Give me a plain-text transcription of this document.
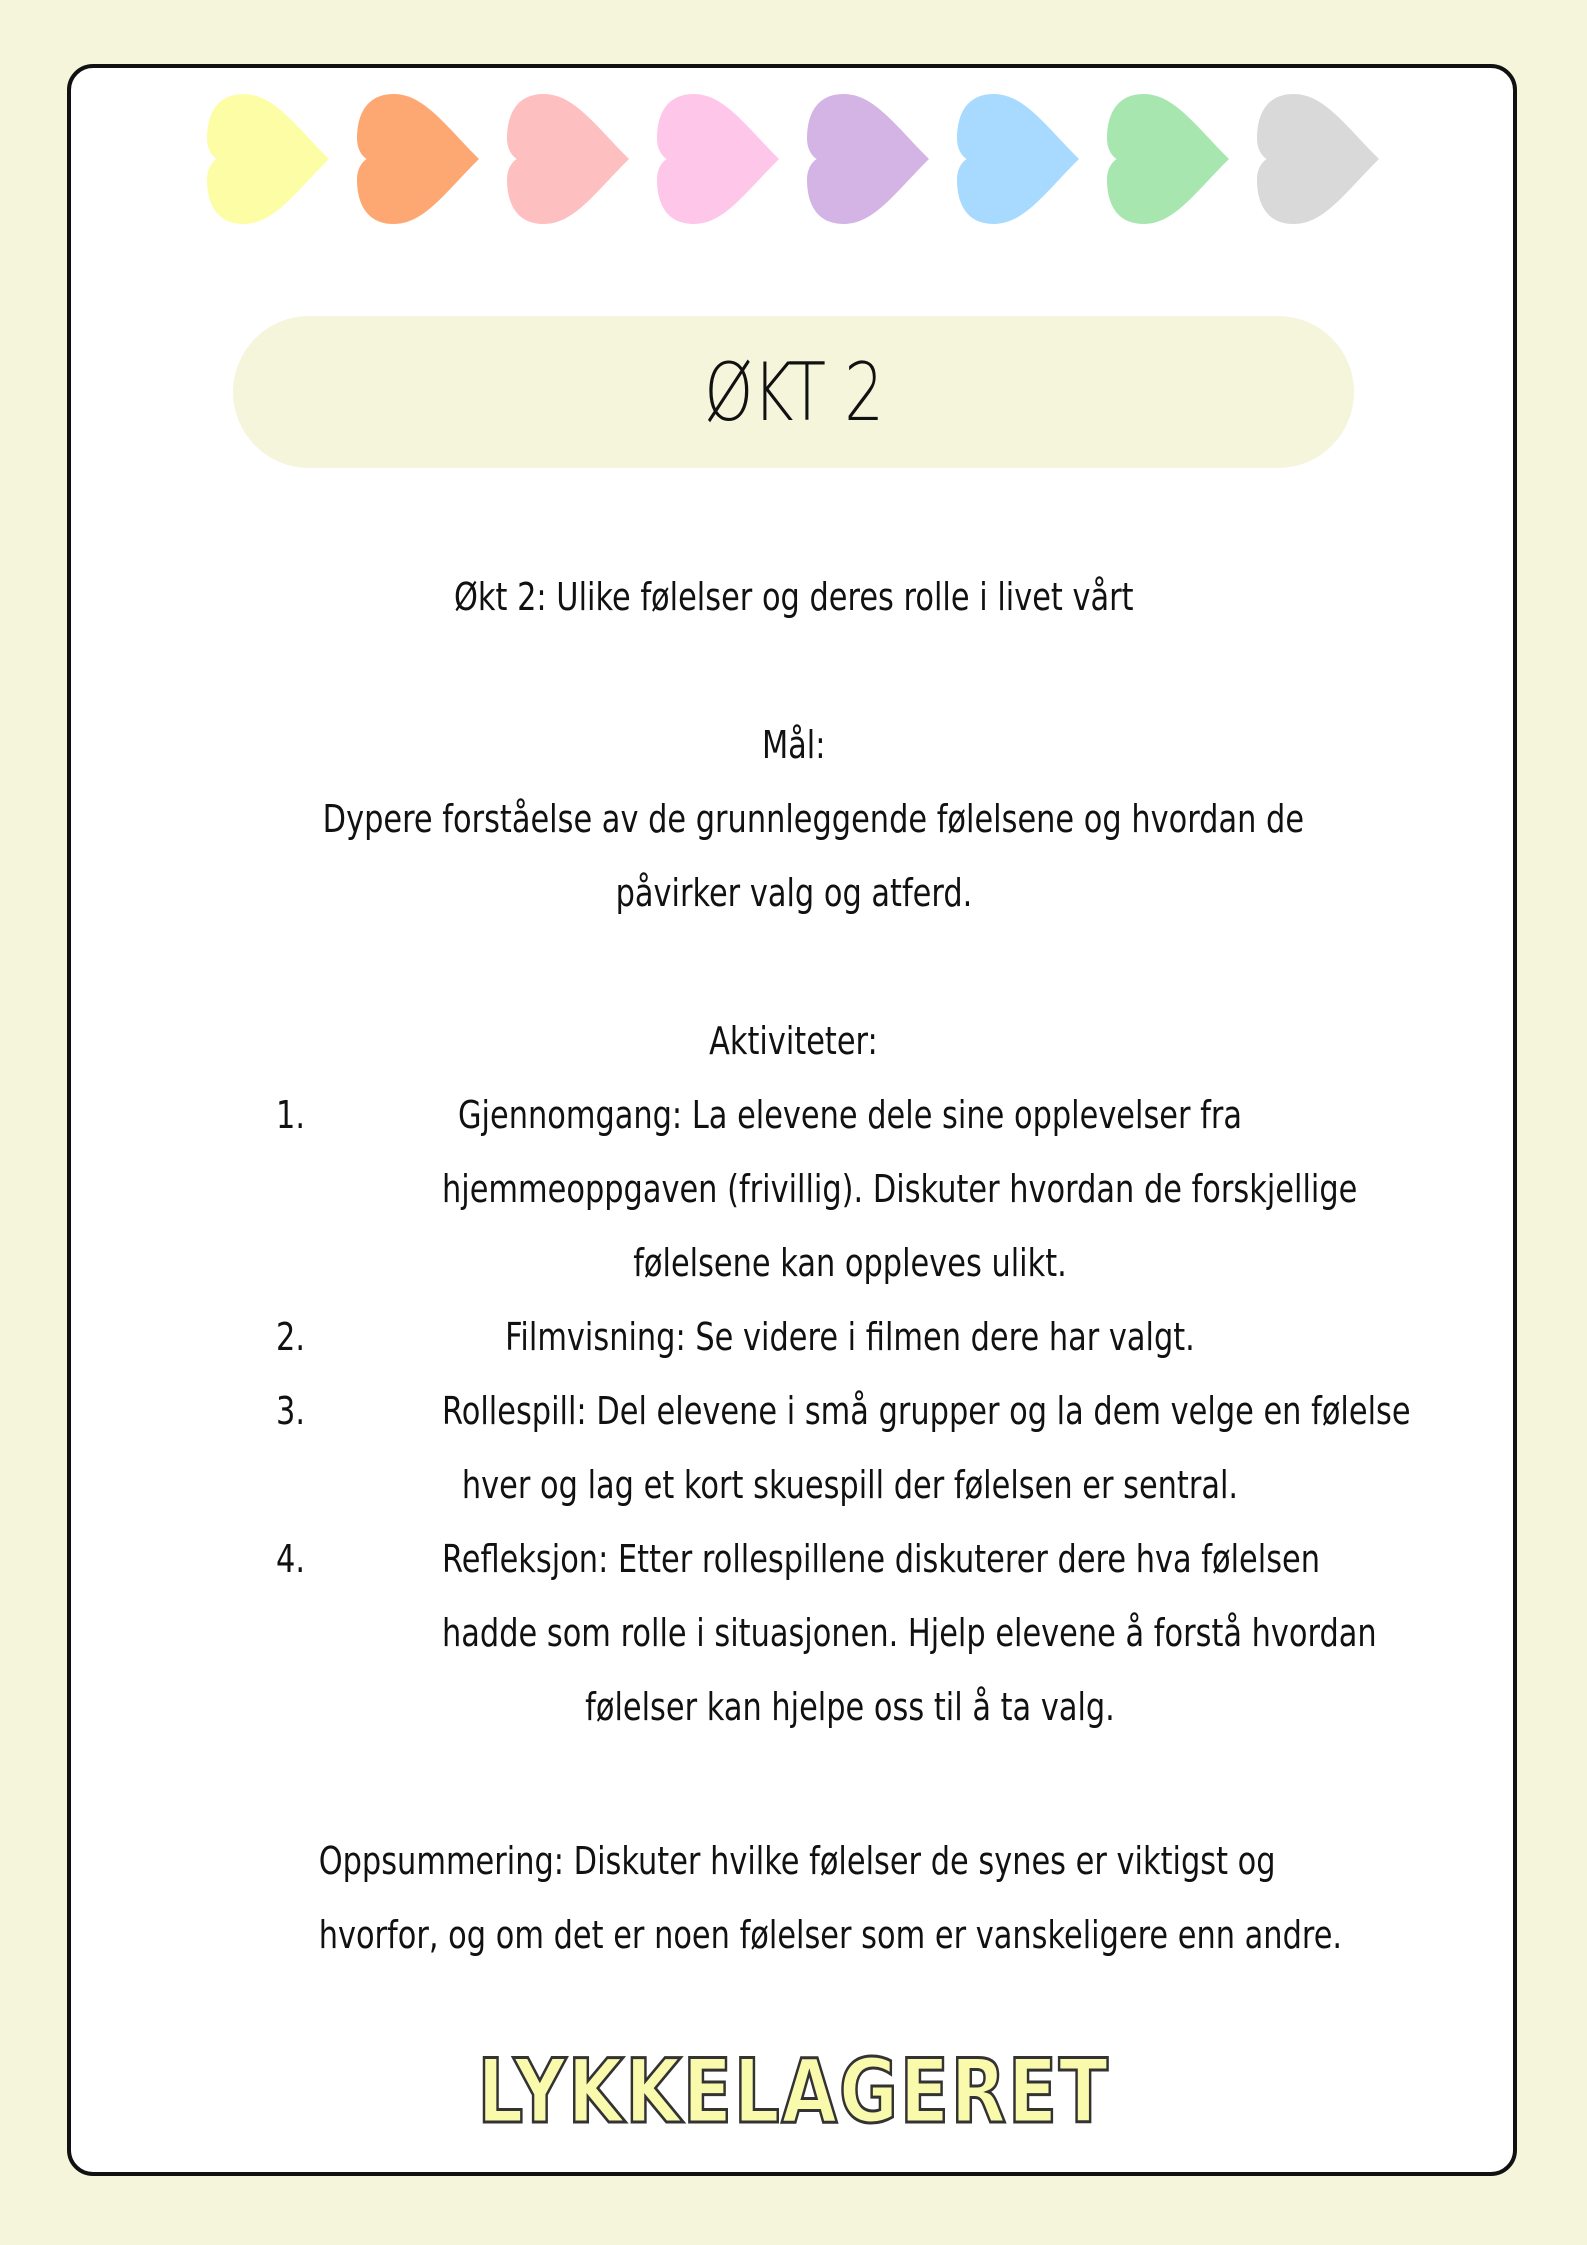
ØKT 2
Økt 2: Ulike følelser og deres rolle i livet vårt
Mål:
Dypere forståelse av de grunnleggende følelsene og hvordan de
påvirker valg og atferd.
Aktiviteter:
1.	Gjennomgang: La elevene dele sine opplevelser fra
hjemmeoppgaven (frivillig). Diskuter hvordan de forskjellige
følelsene kan oppleves ulikt.
2.	Filmvisning: Se videre i filmen dere har valgt.
3.	Rollespill: Del elevene i små grupper og la dem velge en følelse
hver og lag et kort skuespill der følelsen er sentral.
4.	Refleksjon: Etter rollespillene diskuterer dere hva følelsen
hadde som rolle i situasjonen. Hjelp elevene å forstå hvordan
følelser kan hjelpe oss til å ta valg.
Oppsummering: Diskuter hvilke følelser de synes er viktigst og
hvorfor, og om det er noen følelser som er vanskeligere enn andre.
LYKKELAGERET
